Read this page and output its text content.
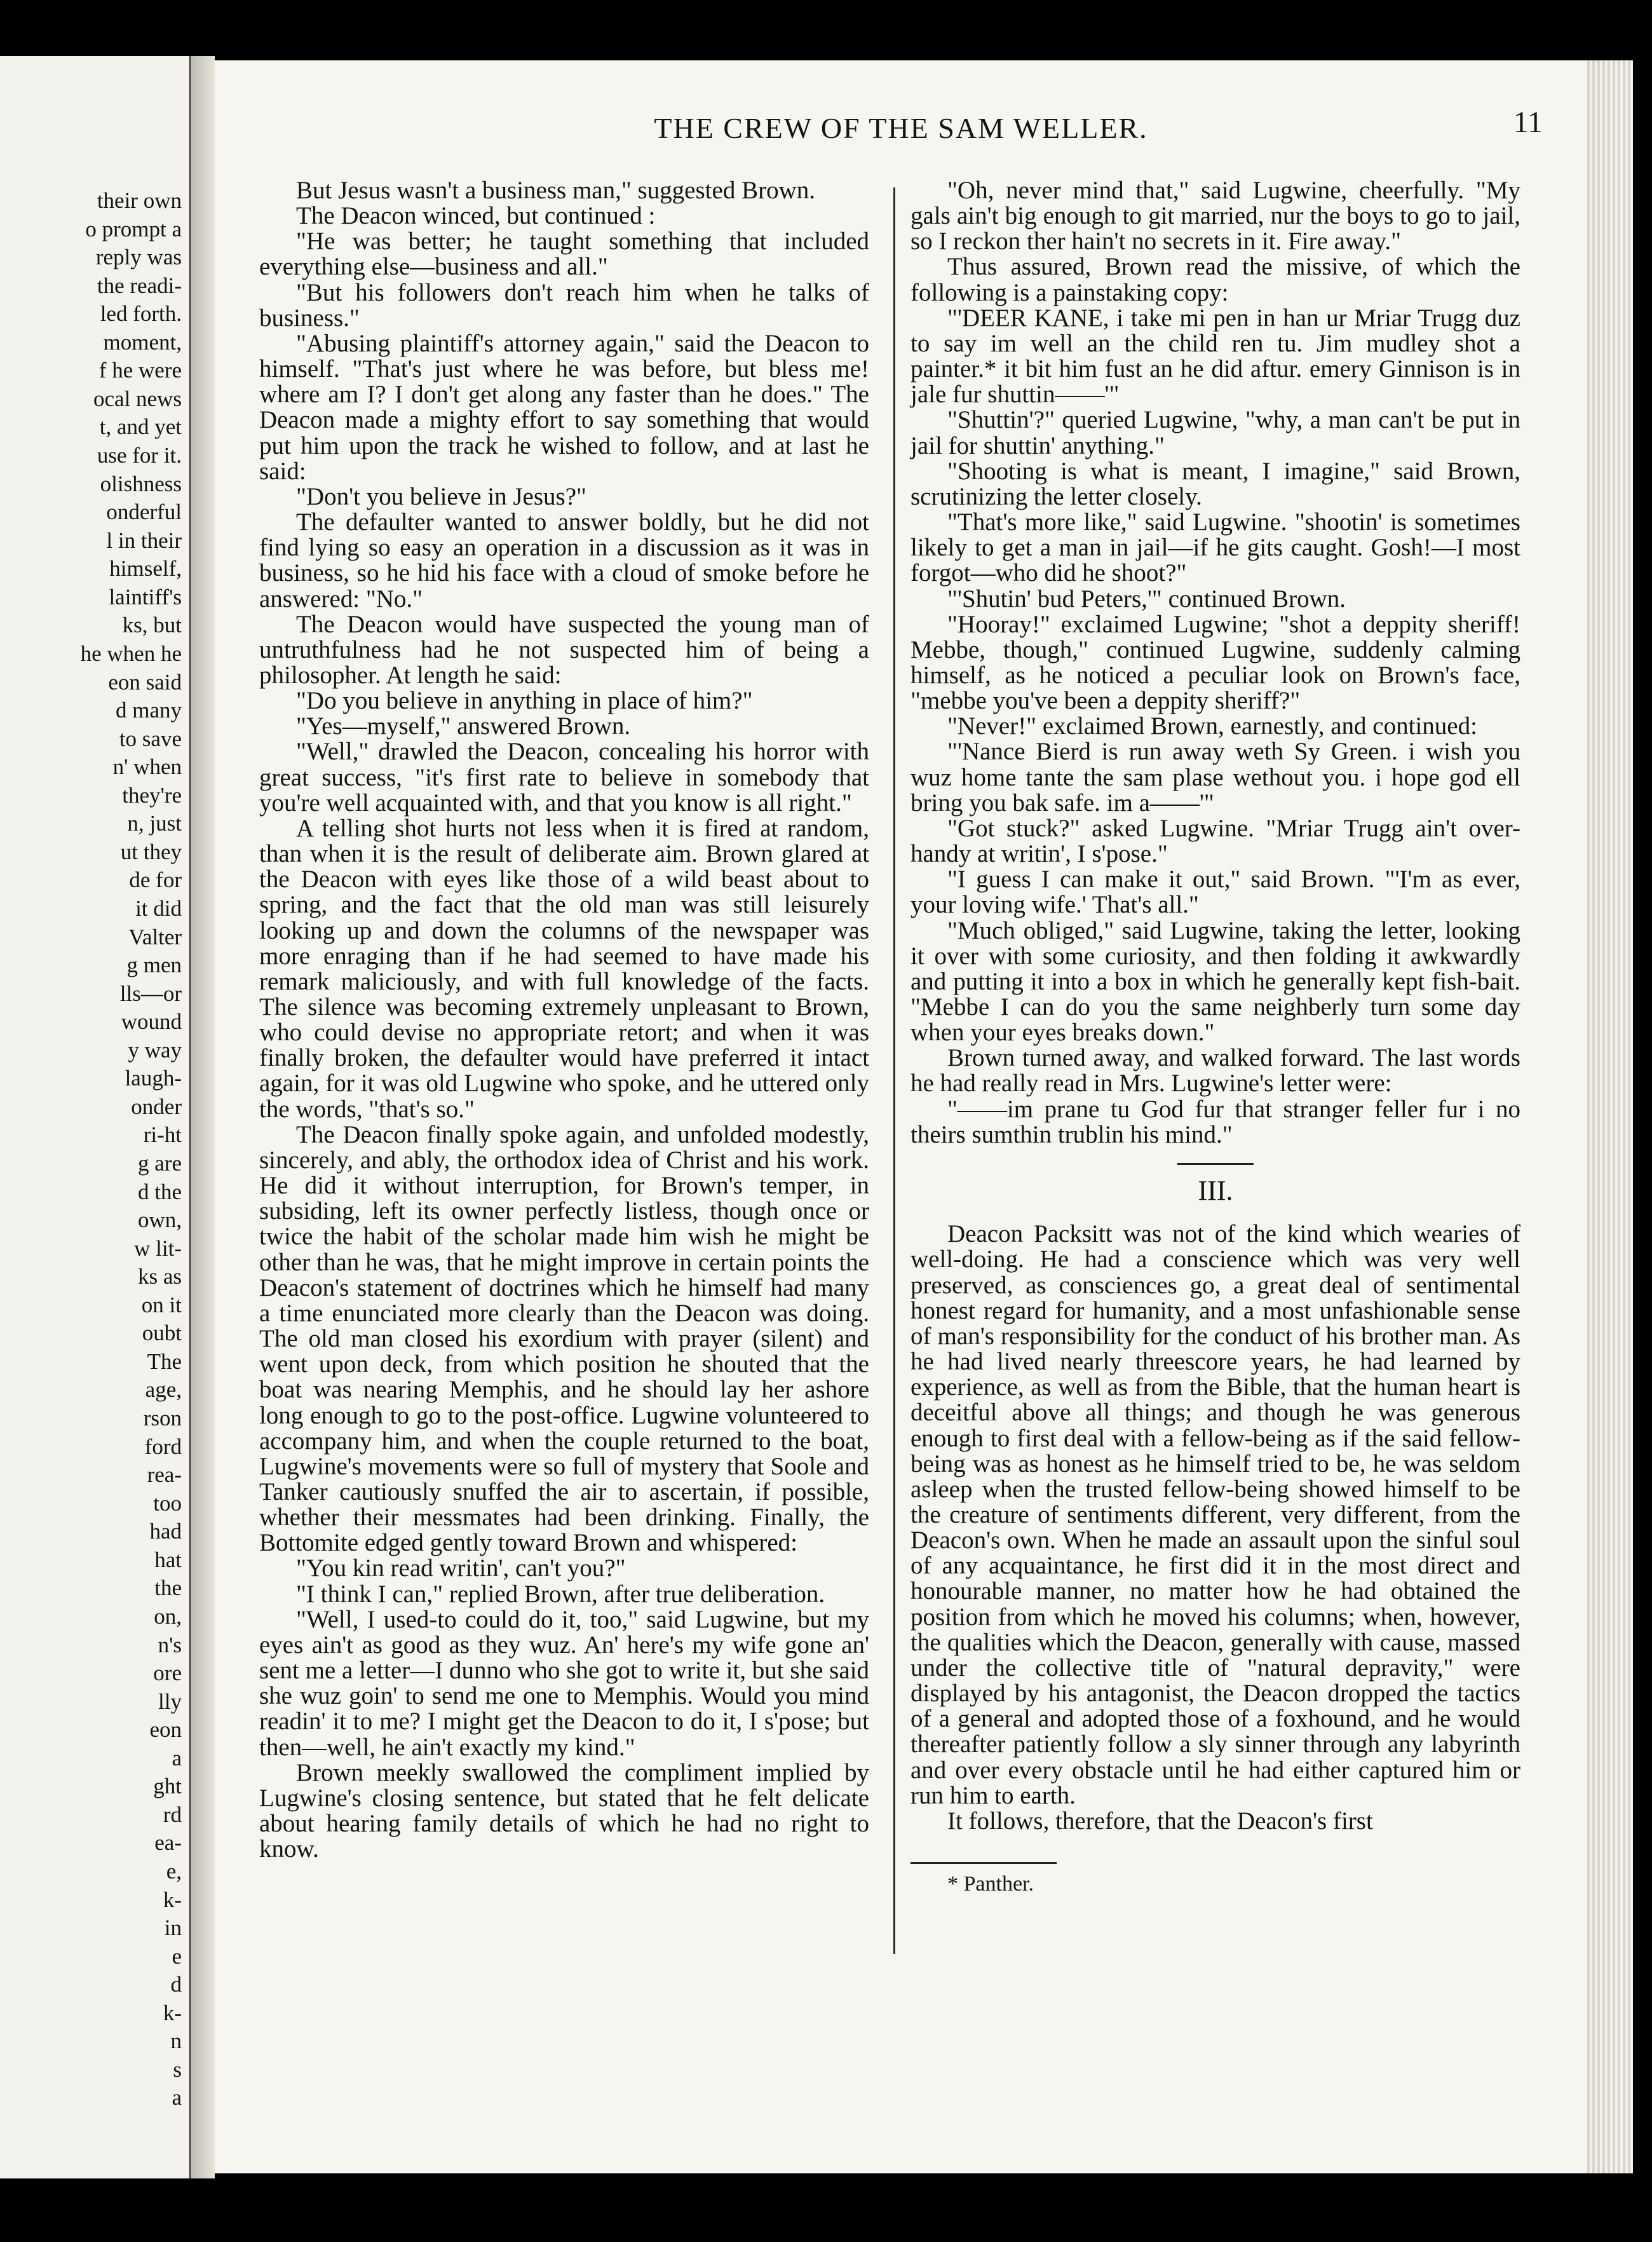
their own
o prompt a
reply was
the readi-
led forth.
moment,
f he were
ocal news
t, and yet
use for it.
olishness
onderful
l in their
himself,
laintiff's
ks, but
he when he
eon said
d many
to save
n' when
they're
n, just
ut they
de for
it did
Valter
g men
lls—or
wound
y way
laugh-
onder
ri-ht
g are
d the
own,
w lit-
ks as
on it
oubt
The
age,
rson
ford
rea-
too
had
hat
the
on,
n's
ore
lly
eon
a
ght
rd
ea-
e,
k-
in
e
d
k-
n
s
a
THE CREW OF THE SAM WELLER.	11

But Jesus wasn't a business man," suggested Brown.

The Deacon winced, but continued :

"He was better; he taught something that included everything else—business and all."

"But his followers don't reach him when he talks of business."

"Abusing plaintiff's attorney again," said the Deacon to himself. "That's just where he was before, but bless me! where am I? I don't get along any faster than he does." The Deacon made a mighty effort to say something that would put him upon the track he wished to follow, and at last he said:

"Don't you believe in Jesus?"

The defaulter wanted to answer boldly, but he did not find lying so easy an operation in a discussion as it was in business, so he hid his face with a cloud of smoke before he answered: "No."

The Deacon would have suspected the young man of untruthfulness had he not suspected him of being a philosopher. At length he said:

"Do you believe in anything in place of him?"

"Yes—myself," answered Brown.

"Well," drawled the Deacon, concealing his horror with great success, "it's first rate to believe in somebody that you're well acquainted with, and that you know is all right."

A telling shot hurts not less when it is fired at random, than when it is the result of deliberate aim. Brown glared at the Deacon with eyes like those of a wild beast about to spring, and the fact that the old man was still leisurely looking up and down the columns of the newspaper was more enraging than if he had seemed to have made his remark maliciously, and with full knowledge of the facts. The silence was becoming extremely unpleasant to Brown, who could devise no appropriate retort; and when it was finally broken, the defaulter would have preferred it intact again, for it was old Lugwine who spoke, and he uttered only the words, "that's so."

The Deacon finally spoke again, and unfolded modestly, sincerely, and ably, the orthodox idea of Christ and his work. He did it without interruption, for Brown's temper, in subsiding, left its owner perfectly listless, though once or twice the habit of the scholar made him wish he might be other than he was, that he might improve in certain points the Deacon's statement of doctrines which he himself had many a time enunciated more clearly than the Deacon was doing. The old man closed his exordium with prayer (silent) and went upon deck, from which position he shouted that the boat was nearing Memphis, and he should lay her ashore long enough to go to the post-office. Lugwine volunteered to accompany him, and when the couple returned to the boat, Lugwine's movements were so full of mystery that Soole and Tanker cautiously snuffed the air to ascertain, if possible, whether their messmates had been drinking. Finally, the Bottomite edged gently toward Brown and whispered:

"You kin read writin', can't you?"

"I think I can," replied Brown, after true deliberation.

"Well, I used-to could do it, too," said Lugwine, but my eyes ain't as good as they wuz. An' here's my wife gone an' sent me a letter—I dunno who she got to write it, but she said she wuz goin' to send me one to Memphis. Would you mind readin' it to me? I might get the Deacon to do it, I s'pose; but then—well, he ain't exactly my kind."

Brown meekly swallowed the compliment implied by Lugwine's closing sentence, but stated that he felt delicate about hearing family details of which he had no right to know.

"Oh, never mind that," said Lugwine, cheerfully. "My gals ain't big enough to git married, nur the boys to go to jail, so I reckon ther hain't no secrets in it. Fire away."

Thus assured, Brown read the missive, of which the following is a painstaking copy:

"'DEER KANE, i take mi pen in han ur Mriar Trugg duz to say im well an the child ren tu. Jim mudley shot a painter.* it bit him fust an he did aftur. emery Ginnison is in jale fur shuttin——'"

"Shuttin'?" queried Lugwine, "why, a man can't be put in jail for shuttin' anything."

"Shooting is what is meant, I imagine," said Brown, scrutinizing the letter closely.

"That's more like," said Lugwine. "shootin' is sometimes likely to get a man in jail—if he gits caught. Gosh!—I most forgot—who did he shoot?"

"'Shutin' bud Peters,'" continued Brown.

"Hooray!" exclaimed Lugwine; "shot a deppity sheriff! Mebbe, though," continued Lugwine, suddenly calming himself, as he noticed a peculiar look on Brown's face, "mebbe you've been a deppity sheriff?"

"Never!" exclaimed Brown, earnestly, and continued:

"'Nance Bierd is run away weth Sy Green. i wish you wuz home tante the sam plase wethout you. i hope god ell bring you bak safe. im a——'"

"Got stuck?" asked Lugwine. "Mriar Trugg ain't over-handy at writin', I s'pose."

"I guess I can make it out," said Brown. "'I'm as ever, your loving wife.' That's all."

"Much obliged," said Lugwine, taking the letter, looking it over with some curiosity, and then folding it awkwardly and putting it into a box in which he generally kept fish-bait. "Mebbe I can do you the same neighberly turn some day when your eyes breaks down."

Brown turned away, and walked forward. The last words he had really read in Mrs. Lugwine's letter were:

"——im prane tu God fur that stranger feller fur i no theirs sumthin trublin his mind."

III.

Deacon Packsitt was not of the kind which wearies of well-doing. He had a conscience which was very well preserved, as consciences go, a great deal of sentimental honest regard for humanity, and a most unfashionable sense of man's responsibility for the conduct of his brother man. As he had lived nearly threescore years, he had learned by experience, as well as from the Bible, that the human heart is deceitful above all things; and though he was generous enough to first deal with a fellow-being as if the said fellow-being was as honest as he himself tried to be, he was seldom asleep when the trusted fellow-being showed himself to be the creature of sentiments different, very different, from the Deacon's own. When he made an assault upon the sinful soul of any acquaintance, he first did it in the most direct and honourable manner, no matter how he had obtained the position from which he moved his columns; when, however, the qualities which the Deacon, generally with cause, massed under the collective title of "natural depravity," were displayed by his antagonist, the Deacon dropped the tactics of a general and adopted those of a foxhound, and he would thereafter patiently follow a sly sinner through any labyrinth and over every obstacle until he had either captured him or run him to earth.

It follows, therefore, that the Deacon's first

* Panther.
